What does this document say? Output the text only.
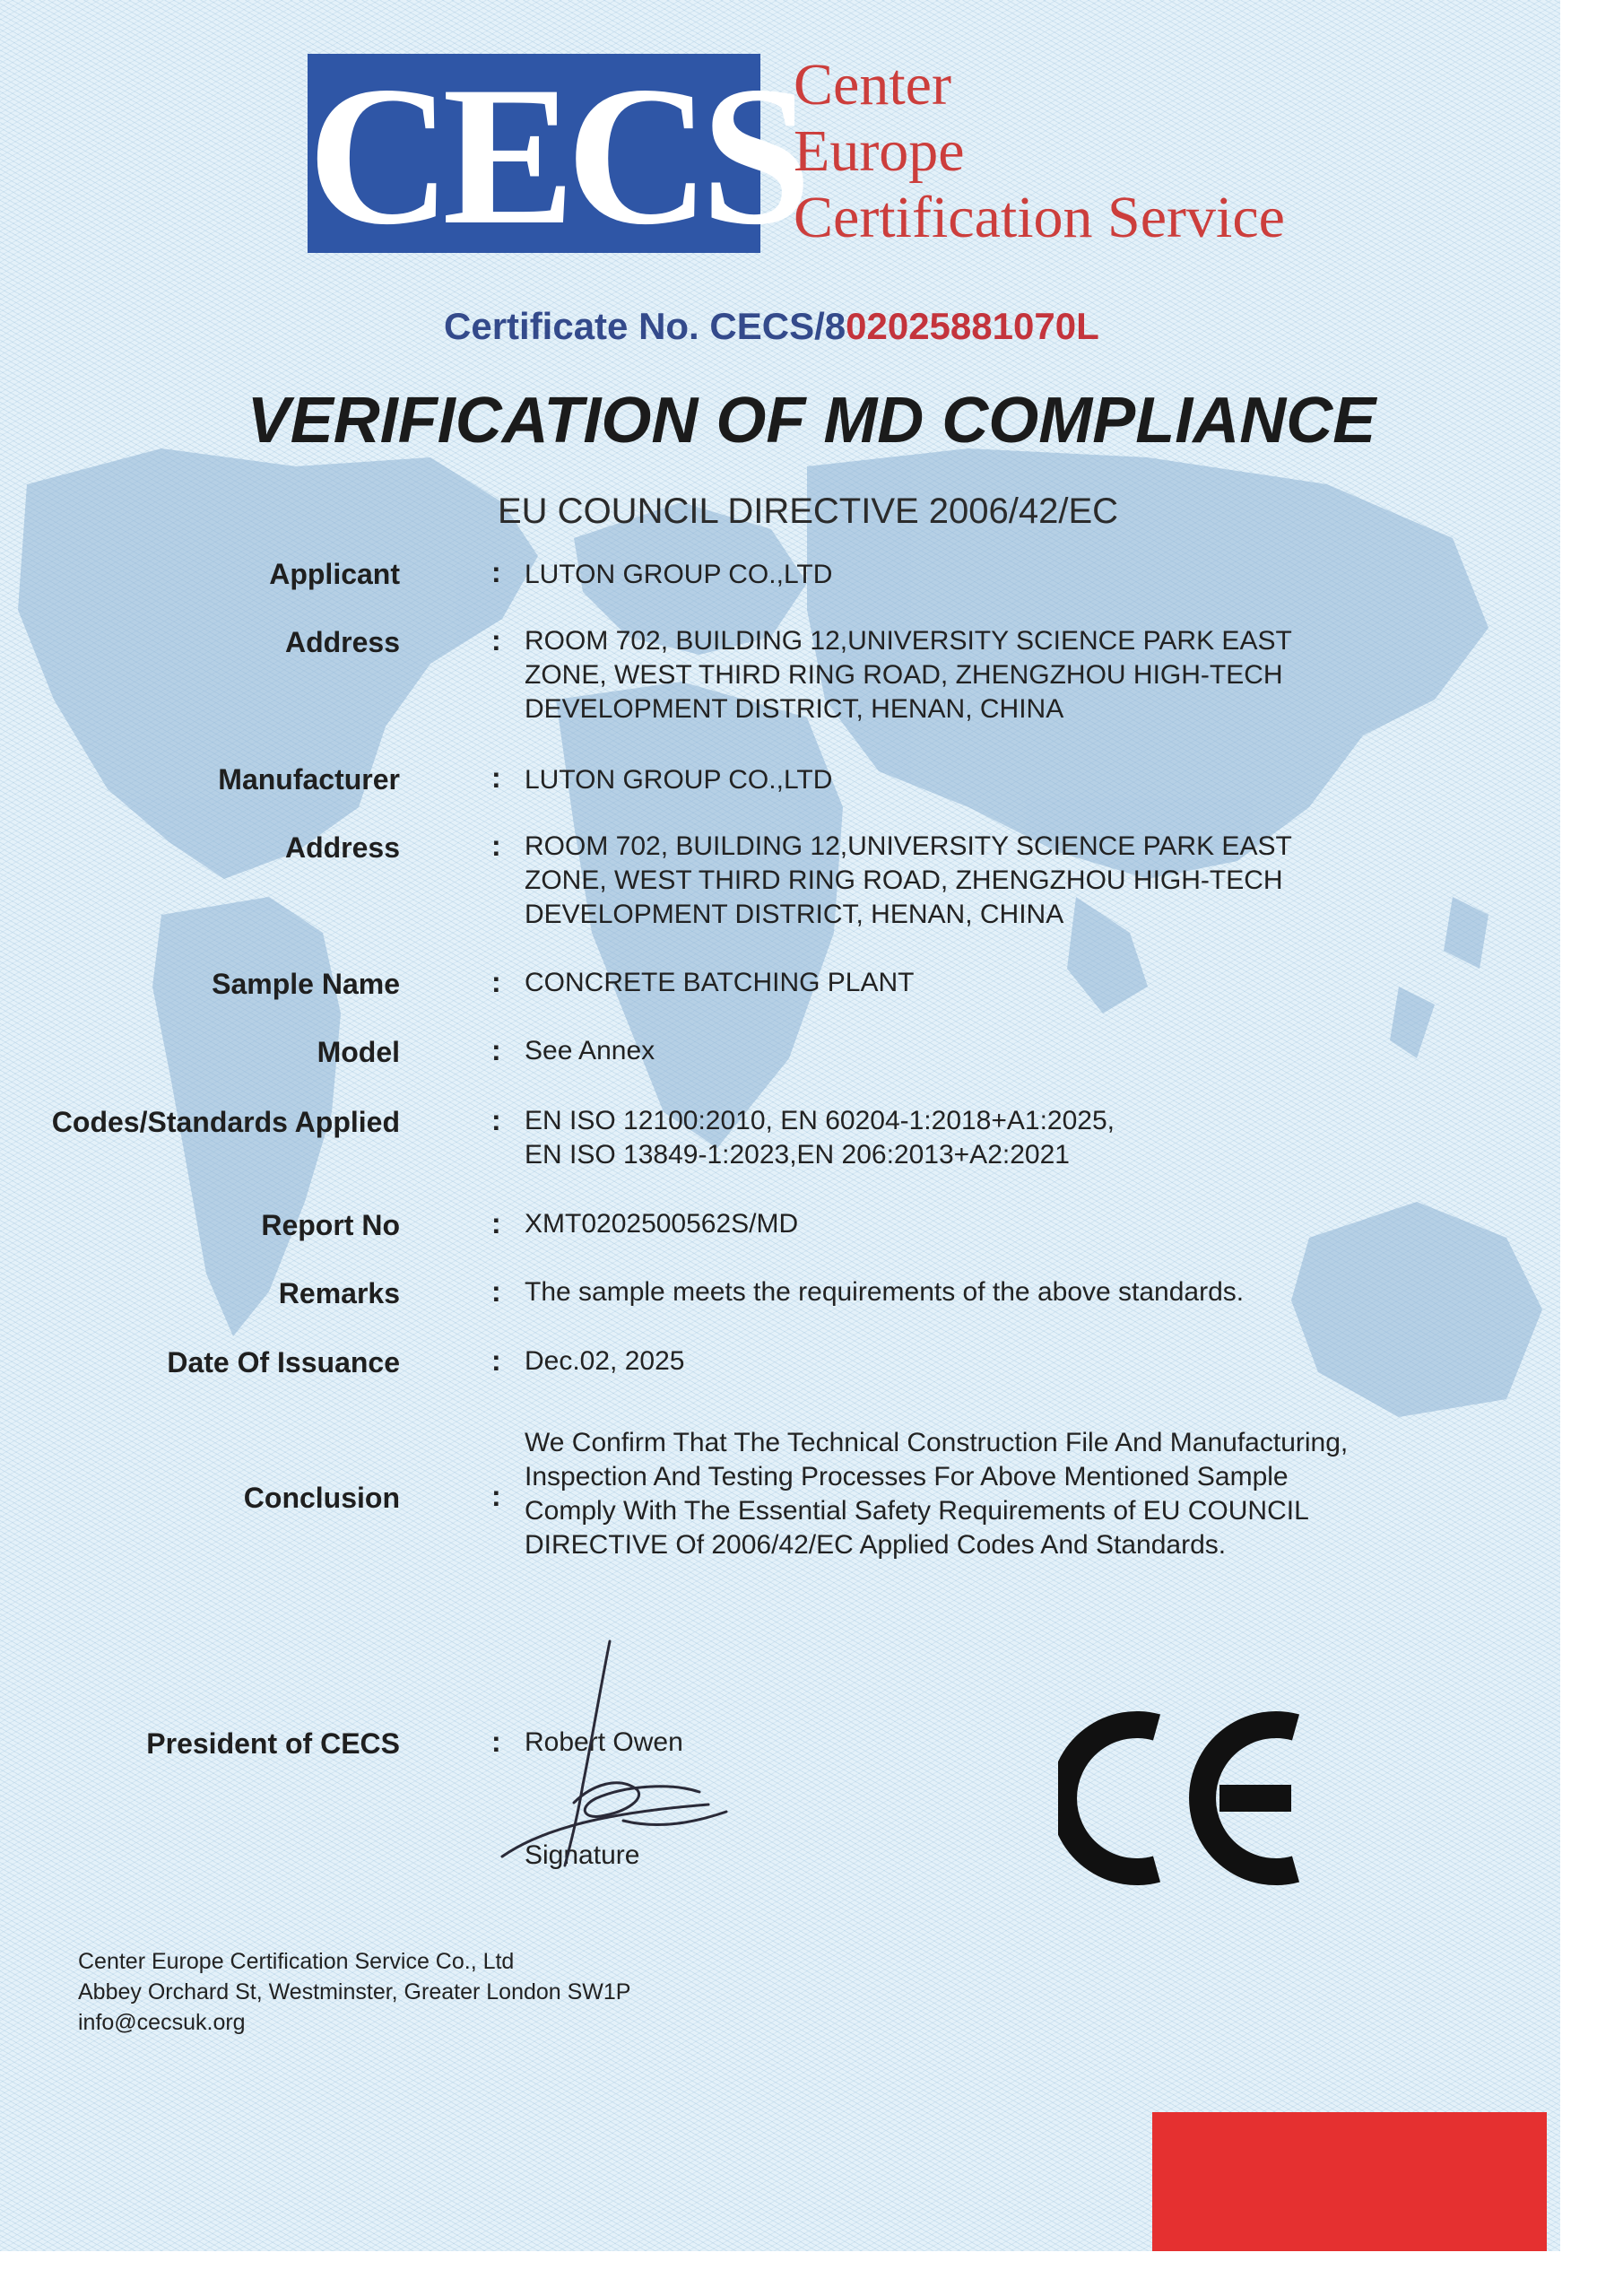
CECS
Center
Europe
Certification Service
Certificate No. CECS/802025881070L
VERIFICATION OF MD COMPLIANCE
EU COUNCIL DIRECTIVE 2006/42/EC
Applicant	: LUTON GROUP CO.,LTD
Address	: ROOM 702, BUILDING 12,UNIVERSITY SCIENCE PARK EAST
ZONE, WEST THIRD RING ROAD, ZHENGZHOU HIGH-TECH
DEVELOPMENT DISTRICT, HENAN, CHINA
Manufacturer	: LUTON GROUP CO.,LTD
Address	: ROOM 702, BUILDING 12,UNIVERSITY SCIENCE PARK EAST
ZONE, WEST THIRD RING ROAD, ZHENGZHOU HIGH-TECH
DEVELOPMENT DISTRICT, HENAN, CHINA
Sample Name	: CONCRETE BATCHING PLANT
Model	: See Annex
Codes/Standards Applied	: EN ISO 12100:2010, EN 60204-1:2018+A1:2025,
EN ISO 13849-1:2023,EN 206:2013+A2:2021
Report No	: XMT0202500562S/MD
Remarks	: The sample meets the requirements of the above standards.
Date Of Issuance	: Dec.02, 2025
Conclusion	:
We Confirm That The Technical Construction File And Manufacturing,
Inspection And Testing Processes For Above Mentioned Sample
Comply With The Essential Safety Requirements of EU COUNCIL
DIRECTIVE Of 2006/42/EC Applied Codes And Standards.
President of CECS	: Robert Owen
Signature
Center Europe Certification Service Co., Ltd
Abbey Orchard St, Westminster, Greater London SW1P
info@cecsuk.org
